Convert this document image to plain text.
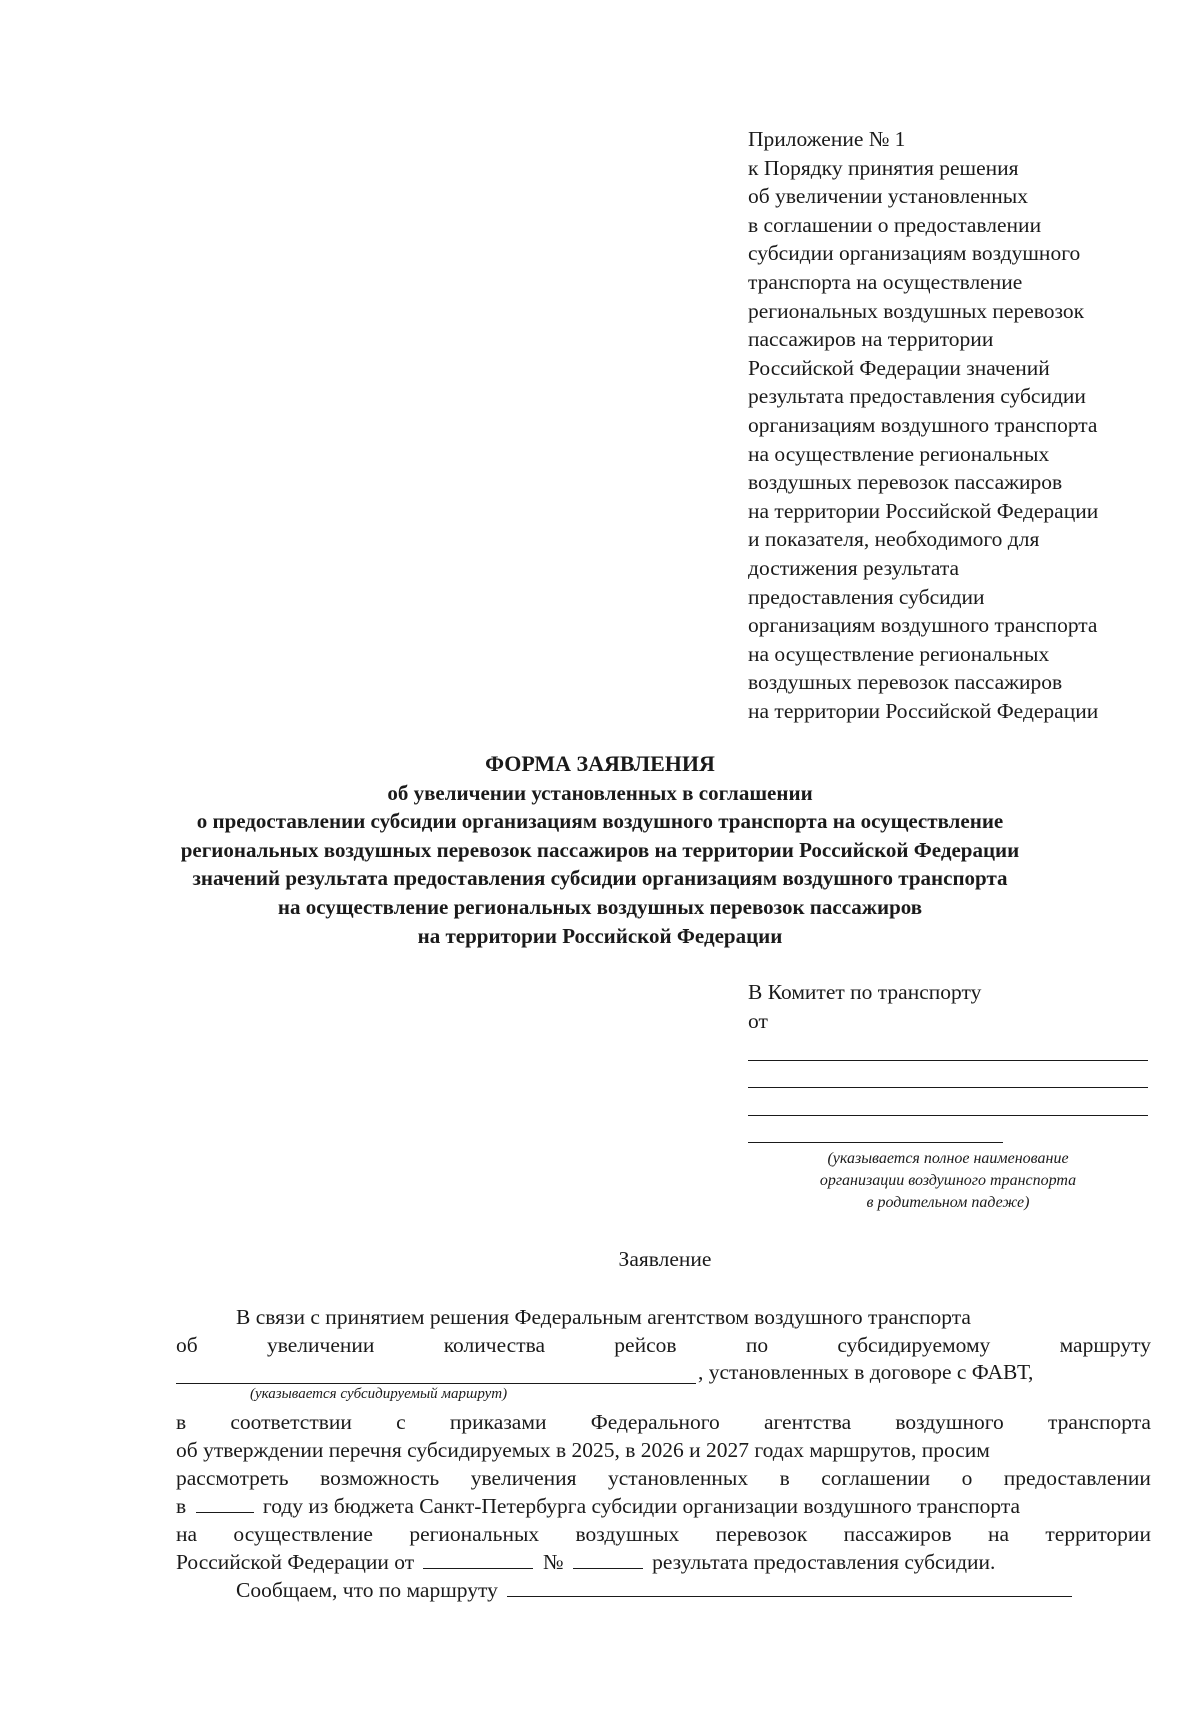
Приложение № 1
к Порядку принятия решения
об увеличении установленных
в соглашении о предоставлении
субсидии организациям воздушного
транспорта на осуществление
региональных воздушных перевозок
пассажиров на территории
Российской Федерации значений
результата предоставления субсидии
организациям воздушного транспорта
на осуществление региональных
воздушных перевозок пассажиров
на территории Российской Федерации
и показателя, необходимого для
достижения результата
предоставления субсидии
организациям воздушного транспорта
на осуществление региональных
воздушных перевозок пассажиров
на территории Российской Федерации
ФОРМА ЗАЯВЛЕНИЯ
об увеличении установленных в соглашении
о предоставлении субсидии организациям воздушного транспорта на осуществление
региональных воздушных перевозок пассажиров на территории Российской Федерации
значений результата предоставления субсидии организациям воздушного транспорта
на осуществление региональных воздушных перевозок пассажиров
на территории Российской Федерации
В Комитет по транспорту
от
(указывается полное наименование
организации воздушного транспорта
в родительном падеже)
Заявление
В связи с принятием решения Федеральным агентством воздушного транспорта
об	увеличении	количества	рейсов	по	субсидируемому	маршруту
, установленных в договоре с ФАВТ,
(указывается субсидируемый маршрут)
в соответствии с приказами Федерального агентства воздушного транспорта
об утверждении перечня субсидируемых в 2025, в 2026 и 2027 годах маршрутов, просим
рассмотреть возможность увеличения установленных в соглашении о предоставлении
в	году из бюджета Санкт-Петербурга субсидии организации воздушного транспорта
на осуществление региональных воздушных перевозок пассажиров на территории
Российской Федерации от	№	результата предоставления субсидии.
Сообщаем, что по маршруту
